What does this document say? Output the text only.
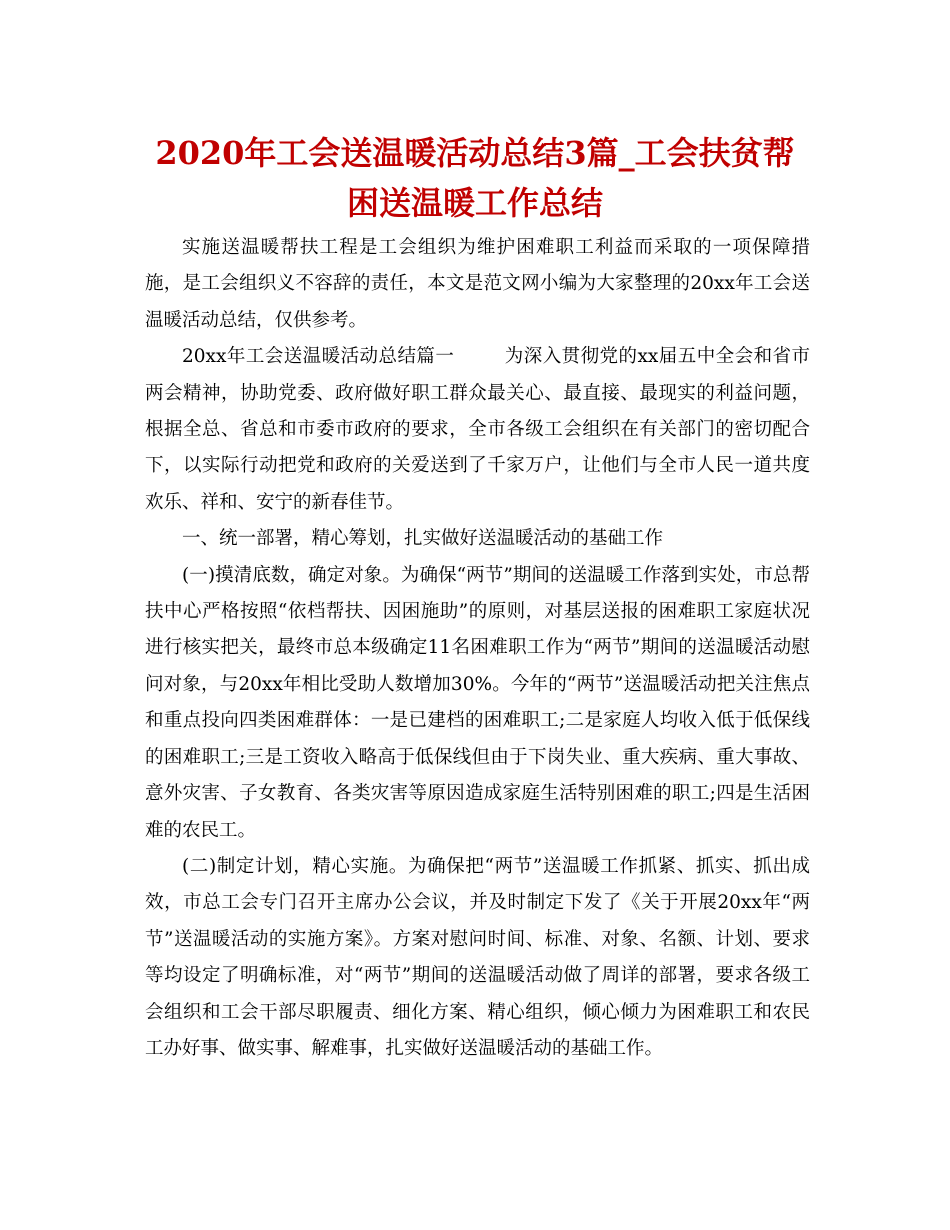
2020年工会送温暖活动总结3篇_工会扶贫帮困送温暖工作总结

实施送温暖帮扶工程是工会组织为维护困难职工利益而采取的一项保障措施，是工会组织义不容辞的责任，本文是范文网小编为大家整理的20xx年工会送温暖活动总结，仅供参考。

20xx年工会送温暖活动总结篇一	为深入贯彻党的xx届五中全会和省市两会精神，协助党委、政府做好职工群众最关心、最直接、最现实的利益问题，根据全总、省总和市委市政府的要求，全市各级工会组织在有关部门的密切配合下，以实际行动把党和政府的关爱送到了千家万户，让他们与全市人民一道共度欢乐、祥和、安宁的新春佳节。

一、统一部署，精心筹划，扎实做好送温暖活动的基础工作

(一)摸清底数，确定对象。为确保“两节”期间的送温暖工作落到实处，市总帮扶中心严格按照“依档帮扶、因困施助”的原则，对基层送报的困难职工家庭状况进行核实把关，最终市总本级确定11名困难职工作为“两节”期间的送温暖活动慰问对象，与20xx年相比受助人数增加30%。今年的“两节”送温暖活动把关注焦点和重点投向四类困难群体：一是已建档的困难职工;二是家庭人均收入低于低保线的困难职工;三是工资收入略高于低保线但由于下岗失业、重大疾病、重大事故、意外灾害、子女教育、各类灾害等原因造成家庭生活特别困难的职工;四是生活困难的农民工。

(二)制定计划，精心实施。为确保把“两节”送温暖工作抓紧、抓实、抓出成效，市总工会专门召开主席办公会议，并及时制定下发了《关于开展20xx年“两节”送温暖活动的实施方案》。方案对慰问时间、标准、对象、名额、计划、要求等均设定了明确标准，对“两节”期间的送温暖活动做了周详的部署，要求各级工会组织和工会干部尽职履责、细化方案、精心组织，倾心倾力为困难职工和农民工办好事、做实事、解难事，扎实做好送温暖活动的基础工作。
